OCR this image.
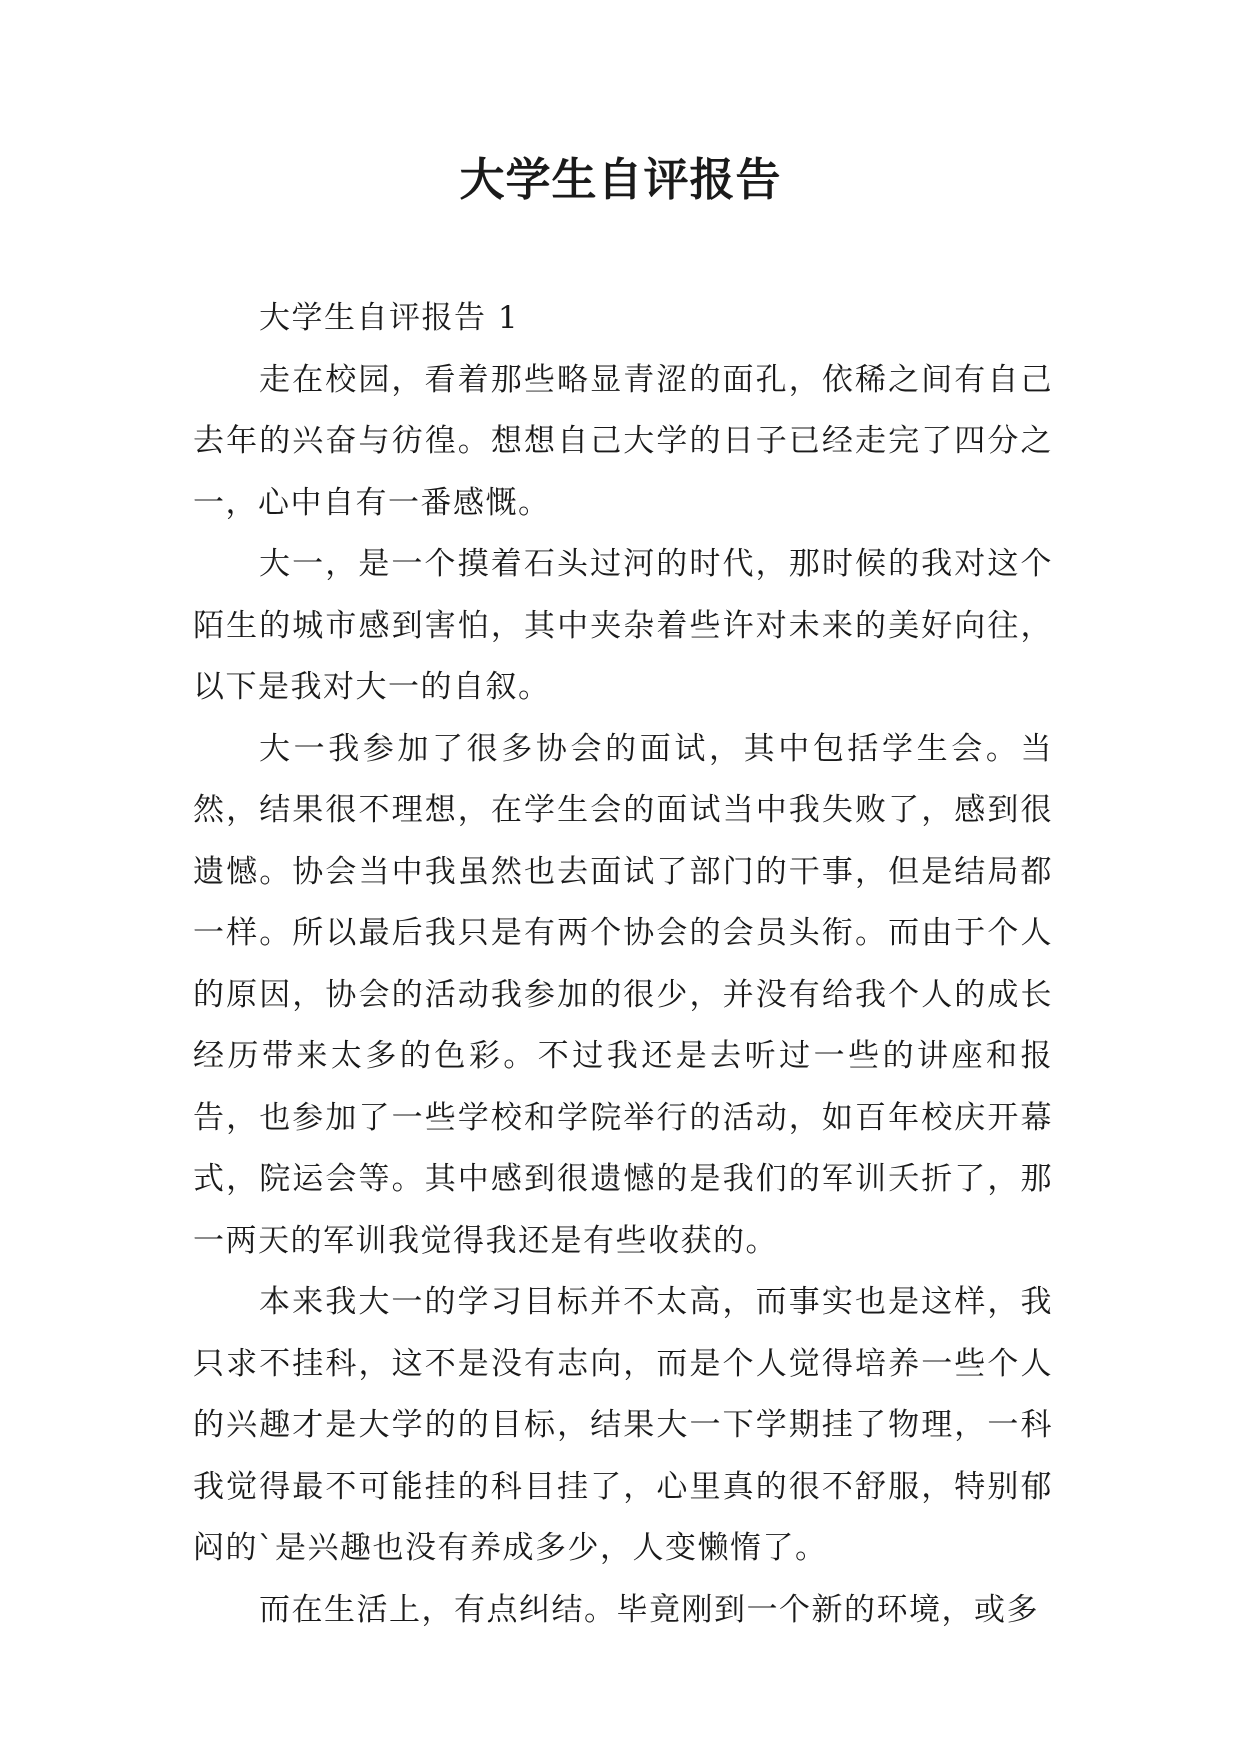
大学生自评报告

大学生自评报告 1

走在校园，看着那些略显青涩的面孔，依稀之间有自己去年的兴奋与彷徨。想想自己大学的日子已经走完了四分之一，心中自有一番感慨。

大一，是一个摸着石头过河的时代，那时候的我对这个陌生的城市感到害怕，其中夹杂着些许对未来的美好向往，以下是我对大一的自叙。

大一我参加了很多协会的面试，其中包括学生会。当然，结果很不理想，在学生会的面试当中我失败了，感到很遗憾。协会当中我虽然也去面试了部门的干事，但是结局都一样。所以最后我只是有两个协会的会员头衔。而由于个人的原因，协会的活动我参加的很少，并没有给我个人的成长经历带来太多的色彩。不过我还是去听过一些的讲座和报告，也参加了一些学校和学院举行的活动，如百年校庆开幕式，院运会等。其中感到很遗憾的是我们的军训夭折了，那一两天的军训我觉得我还是有些收获的。

本来我大一的学习目标并不太高，而事实也是这样，我只求不挂科，这不是没有志向，而是个人觉得培养一些个人的兴趣才是大学的的目标，结果大一下学期挂了物理，一科我觉得最不可能挂的科目挂了，心里真的很不舒服，特别郁闷的`是兴趣也没有养成多少，人变懒惰了。

而在生活上，有点纠结。毕竟刚到一个新的环境，或多
